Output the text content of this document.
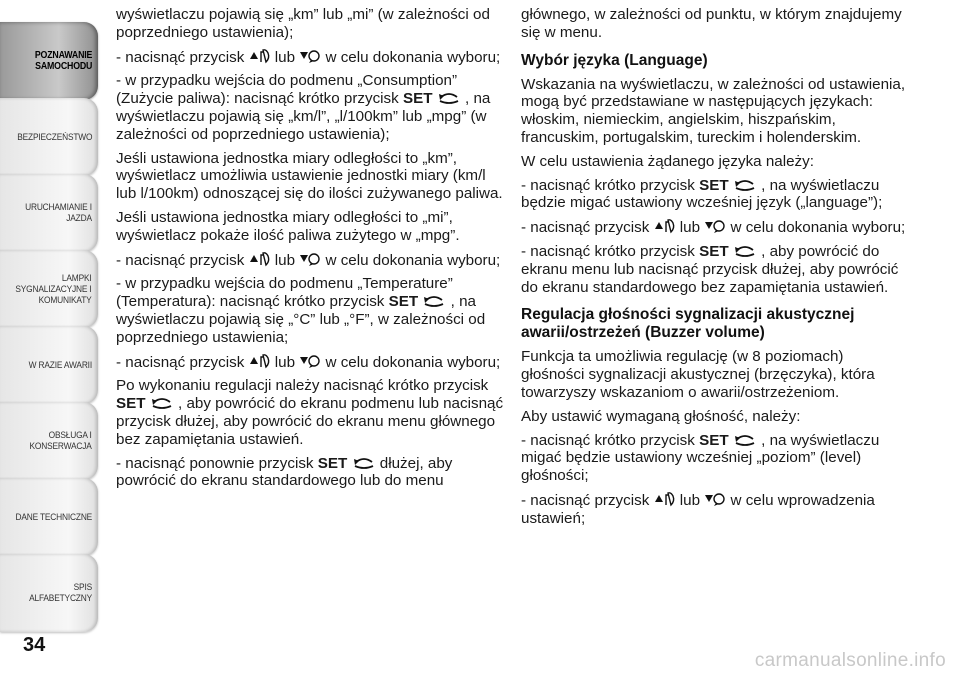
POZNAWANIE
SAMOCHODU
BEZPIECZEŃSTWO
URUCHAMIANIE I
JAZDA
LAMPKI
SYGNALIZACYJNE I
KOMUNIKATY
W RAZIE AWARII
OBSŁUGA I
KONSERWACJA
DANE TECHNICZNE
SPIS ALFABETYCZNY
34

wyświetlaczu pojawią się „km” lub „mi” (w zależności od poprzedniego ustawienia);

- nacisnąć przycisk lub w celu dokonania wyboru;

- w przypadku wejścia do podmenu „Consumption” (Zużycie paliwa): nacisnąć krótko przycisk SET , na wyświetlaczu pojawią się „km/l”, „l/100km” lub „mpg” (w zależności od poprzedniego ustawienia);

Jeśli ustawiona jednostka miary odległości to „km”, wyświetlacz umożliwia ustawienie jednostki miary (km/l lub l/100km) odnoszącej się do ilości zużywanego paliwa.

Jeśli ustawiona jednostka miary odległości to „mi”, wyświetlacz pokaże ilość paliwa zużytego w „mpg”.

- nacisnąć przycisk lub w celu dokonania wyboru;

- w przypadku wejścia do podmenu „Temperature” (Temperatura): nacisnąć krótko przycisk SET , na wyświetlaczu pojawią się „°C” lub „°F”, w zależności od poprzedniego ustawienia;

- nacisnąć przycisk lub w celu dokonania wyboru;

Po wykonaniu regulacji należy nacisnąć krótko przycisk SET , aby powrócić do ekranu podmenu lub nacisnąć przycisk dłużej, aby powrócić do ekranu menu głównego bez zapamiętania ustawień.

- nacisnąć ponownie przycisk SET dłużej, aby powrócić do ekranu standardowego lub do menu

głównego, w zależności od punktu, w którym znajdujemy się w menu.

Wybór języka (Language)

Wskazania na wyświetlaczu, w zależności od ustawienia, mogą być przedstawiane w następujących językach: włoskim, niemieckim, angielskim, hiszpańskim, francuskim, portugalskim, tureckim i holenderskim.

W celu ustawienia żądanego języka należy:

- nacisnąć krótko przycisk SET , na wyświetlaczu będzie migać ustawiony wcześniej język („language”);

- nacisnąć przycisk lub w celu dokonania wyboru;

- nacisnąć krótko przycisk SET , aby powrócić do ekranu menu lub nacisnąć przycisk dłużej, aby powrócić do ekranu standardowego bez zapamiętania ustawień.

Regulacja głośności sygnalizacji akustycznej awarii/ostrzeżeń (Buzzer volume)

Funkcja ta umożliwia regulację (w 8 poziomach) głośności sygnalizacji akustycznej (brzęczyka), która towarzyszy wskazaniom o awarii/ostrzeżeniom.

Aby ustawić wymaganą głośność, należy:

- nacisnąć krótko przycisk SET , na wyświetlaczu migać będzie ustawiony wcześniej „poziom” (level) głośności;

- nacisnąć przycisk lub w celu wprowadzenia ustawień;

carmanualsonline.info
